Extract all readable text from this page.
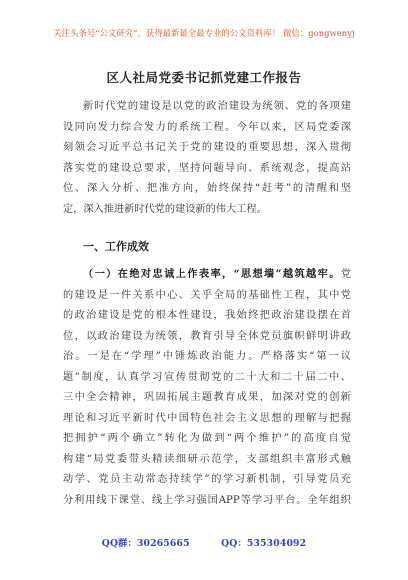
关注头条号“公文研究”，获得最新最全最专业的公文资料库！ 微信：gongwenyj
区人社局党委书记抓党建工作报告
新时代党的建设是以党的政治建设为统领、党的各项建
设同向发力综合发力的系统工程。今年以来，区局党委深
刻领会习近平总书记关于党的建设的重要思想，深入贯彻
落实党的建设总要求，坚持问题导向、系统观念，提高站
位、深入分析、把准方向，始终保持“赶考”的清醒和坚
定，深入推进新时代党的建设新的伟大工程。
一、工作成效
（一）在绝对忠诚上作表率，“思想墙”越筑越牢。党
的建设是一件关系中心、关乎全局的基础性工程，其中党
的政治建设是党的根本性建设，我始终把政治建设摆在首
位，以政治建设为统领，教育引导全体党员旗帜鲜明讲政
治。一是在“学理”中锤炼政治能力。严格落实“第一议
题”制度，认真学习宣传贯彻党的二十大和二十届二中、
三中全会精神，巩固拓展主题教育成果，加深对党的创新
理论和习近平新时代中国特色社会主义思想的理解与把握
把拥护“两个确立”转化为做到“两个维护”的高度自觉
构建“局党委带头精读细研示范学，支部组织丰富形式触
动学、党员主动常态持续学”的学习新机制，引导党员充
分利用线下课堂、线上学习强国APP等学习平台。全年组织
QQ群：30265665	QQ：535304092
